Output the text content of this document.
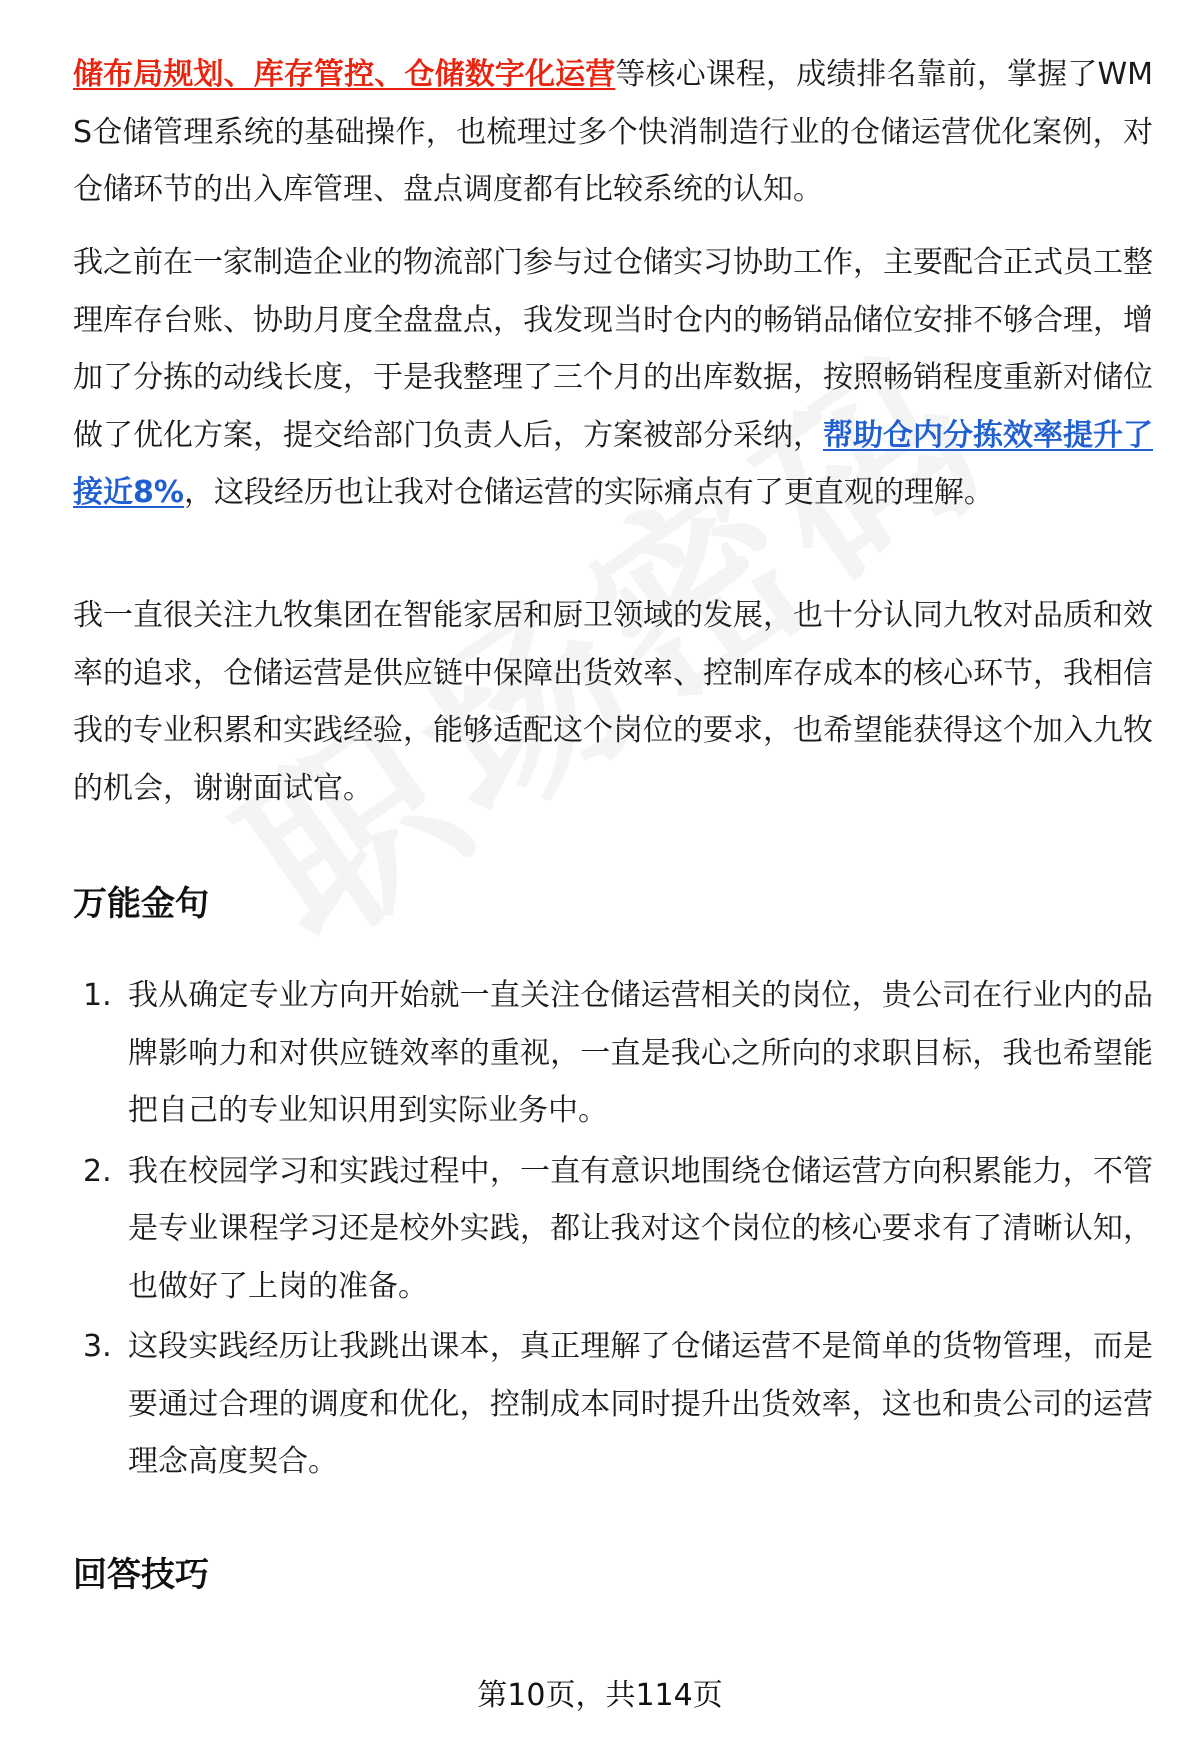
储布局规划、库存管控、仓储数字化运营等核心课程，成绩排名靠前，掌握了WMS仓储管理系统的基础操作，也梳理过多个快消制造行业的仓储运营优化案例，对仓储环节的出入库管理、盘点调度都有比较系统的认知。
我之前在一家制造企业的物流部门参与过仓储实习协助工作，主要配合正式员工整理库存台账、协助月度全盘盘点，我发现当时仓内的畅销品储位安排不够合理，增加了分拣的动线长度，于是我整理了三个月的出库数据，按照畅销程度重新对储位做了优化方案，提交给部门负责人后，方案被部分采纳，帮助仓内分拣效率提升了接近8%，这段经历也让我对仓储运营的实际痛点有了更直观的理解。
我一直很关注九牧集团在智能家居和厨卫领域的发展，也十分认同九牧对品质和效率的追求，仓储运营是供应链中保障出货效率、控制库存成本的核心环节，我相信我的专业积累和实践经验，能够适配这个岗位的要求，也希望能获得这个加入九牧的机会，谢谢面试官。
万能金句
1. 我从确定专业方向开始就一直关注仓储运营相关的岗位，贵公司在行业内的品牌影响力和对供应链效率的重视，一直是我心之所向的求职目标，我也希望能把自己的专业知识用到实际业务中。
2. 我在校园学习和实践过程中，一直有意识地围绕仓储运营方向积累能力，不管是专业课程学习还是校外实践，都让我对这个岗位的核心要求有了清晰认知，也做好了上岗的准备。
3. 这段实践经历让我跳出课本，真正理解了仓储运营不是简单的货物管理，而是要通过合理的调度和优化，控制成本同时提升出货效率，这也和贵公司的运营理念高度契合。
回答技巧
第10页，共114页
